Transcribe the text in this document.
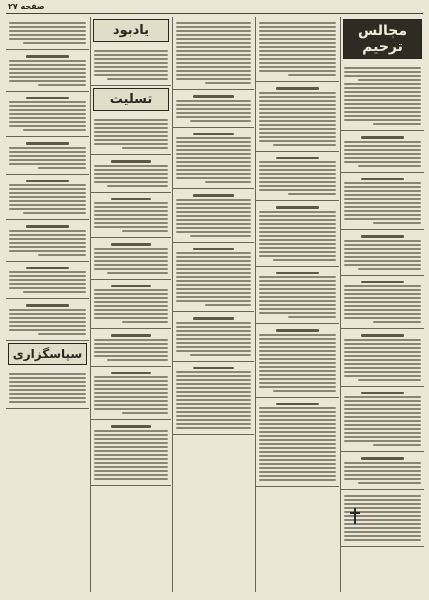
صفحه ۲۷
مجالس ترحیم
یادبود
تسلیت
سپاسگزاری
